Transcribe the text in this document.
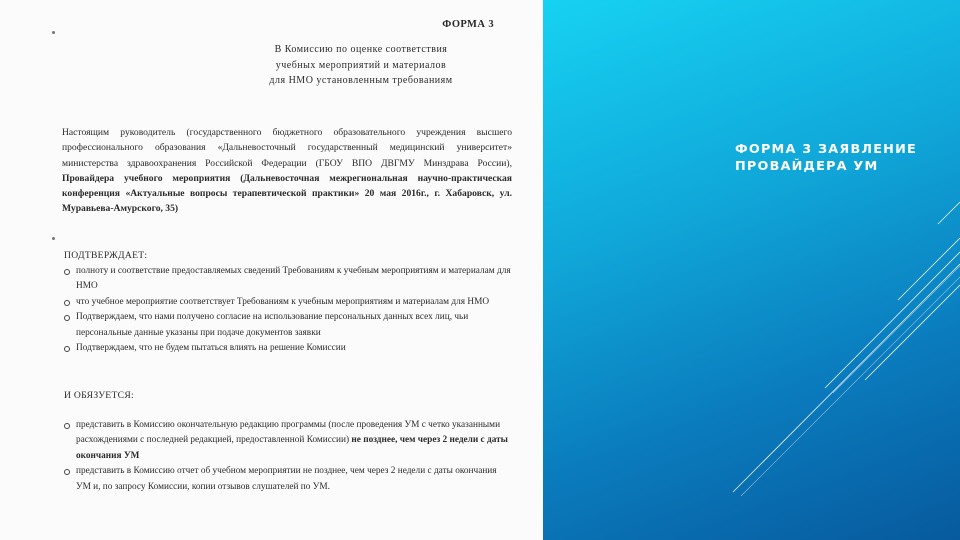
ФОРМА 3
В Комиссию по оценке соответствия
учебных мероприятий и материалов
для НМО установленным требованиям
Настоящим руководитель (государственного бюджетного образовательного учреждения высшего профессионального образования «Дальневосточный государственный медицинский университет» министерства здравоохранения Российской Федерации (ГБОУ ВПО ДВГМУ Минздрава России), Провайдера учебного мероприятия (Дальневосточная межрегиональная научно-практическая конференция «Актуальные вопросы терапевтической практики» 20 мая 2016г., г. Хабаровск, ул. Муравьева-Амурского, 35)
ПОДТВЕРЖДАЕТ:
полноту и соответствие предоставляемых сведений Требованиям к учебным мероприятиям и материалам для НМО
что учебное мероприятие соответствует Требованиям к учебным мероприятиям и материалам для НМО
Подтверждаем, что нами получено согласие на использование персональных данных всех лиц, чьи персональные данные указаны при подаче документов заявки
Подтверждаем, что не будем пытаться влиять на решение Комиссии
И ОБЯЗУЕТСЯ:
представить в Комиссию окончательную редакцию программы (после проведения УМ с четко указанными расхождениями с последней редакцией, предоставленной Комиссии) не позднее, чем через 2 недели с даты окончания УМ
представить в Комиссию отчет об учебном мероприятии не позднее, чем через 2 недели с даты окончания УМ и, по запросу Комиссии, копии отзывов слушателей по УМ.
ФОРМА 3 ЗАЯВЛЕНИЕ ПРОВАЙДЕРА УМ
